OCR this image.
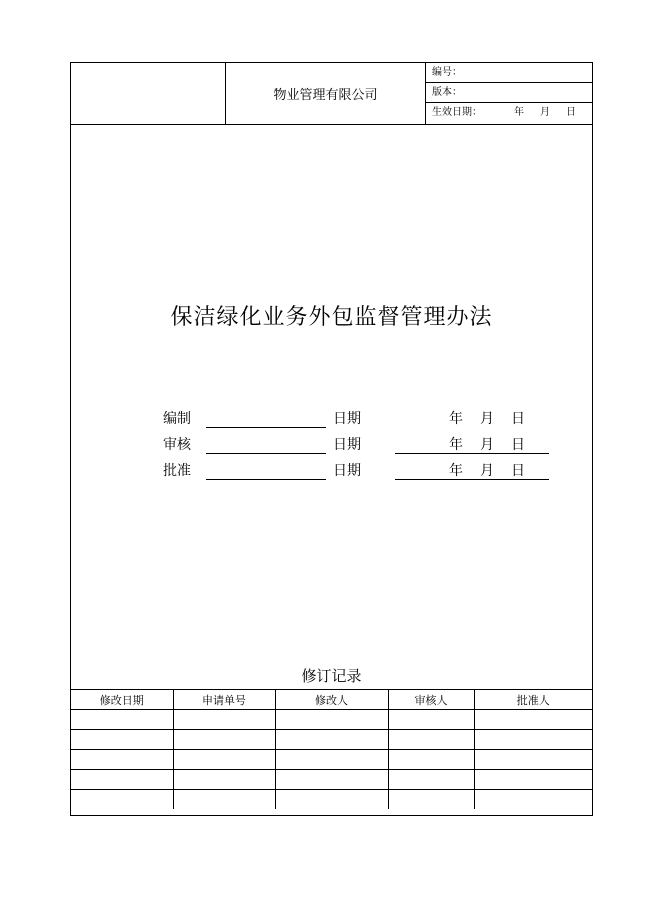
物业管理有限公司
编号：
版本：
生效日期：	年 月 日
保洁绿化业务外包监督管理办法
编制	日期	年 月 日
审核	日期	年 月 日
批准	日期	年 月 日
修订记录
修改日期	申请单号	修改人	审核人	批准人
